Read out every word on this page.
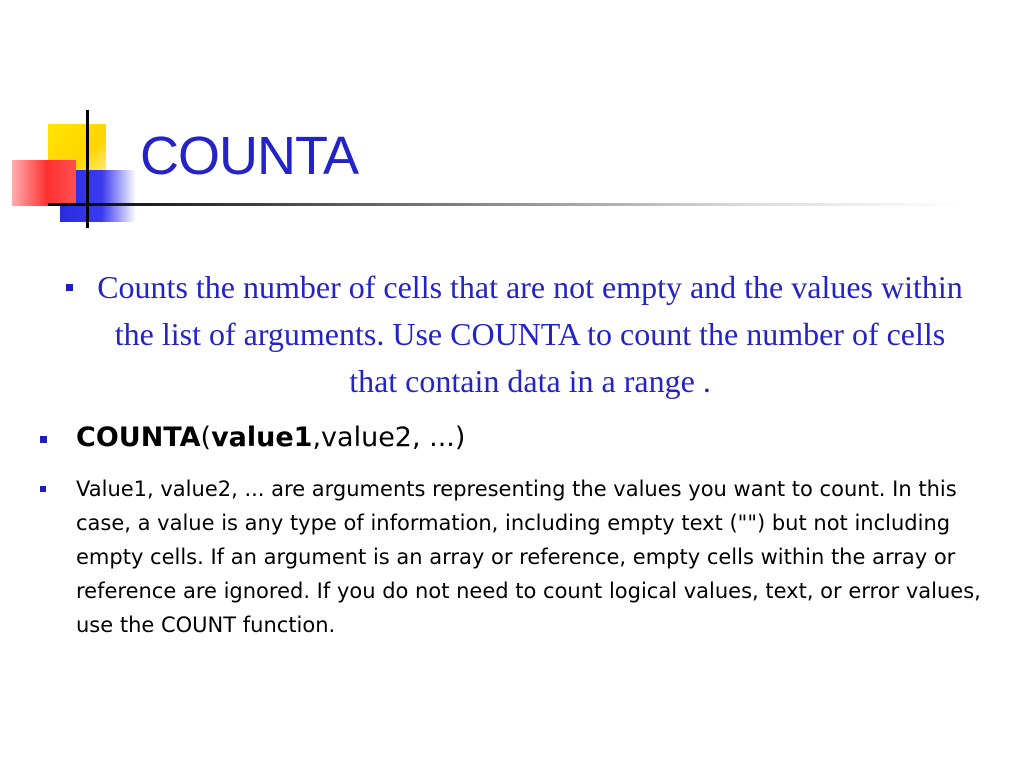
COUNTA
Counts the number of cells that are not empty and the values within the list of arguments. Use COUNTA to count the number of cells that contain data in a range .
COUNTA(value1,value2, ...)
Value1, value2, ... are arguments representing the values you want to count. In this case, a value is any type of information, including empty text ("") but not including empty cells. If an argument is an array or reference, empty cells within the array or reference are ignored. If you do not need to count logical values, text, or error values, use the COUNT function.
